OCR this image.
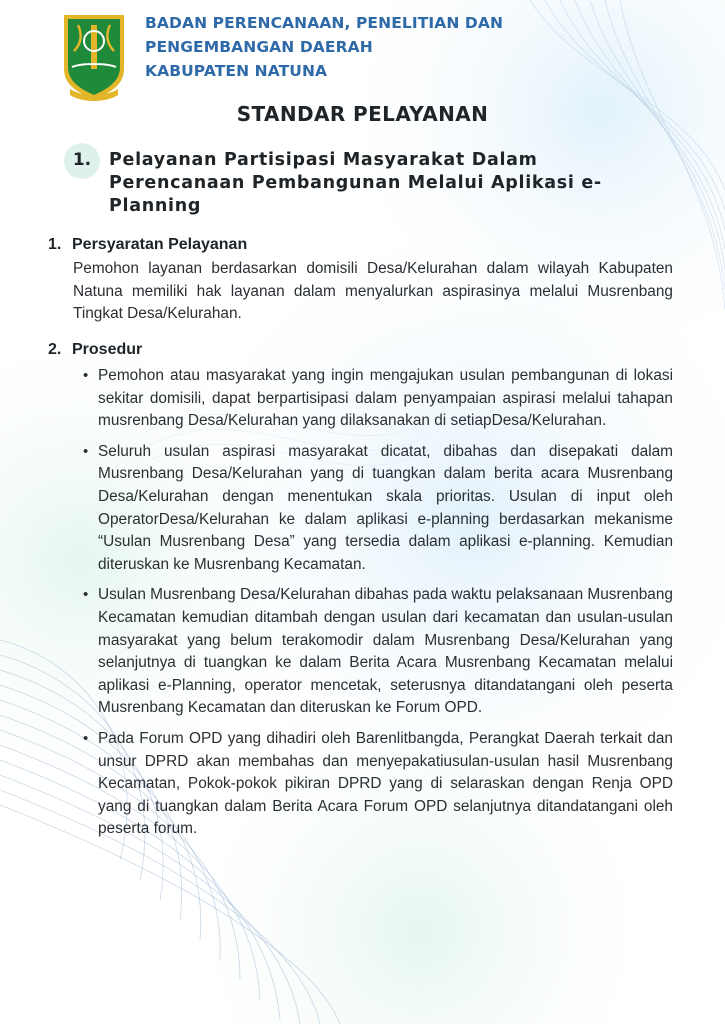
BADAN PERENCANAAN, PENELITIAN DAN
PENGEMBANGAN DAERAH
KABUPATEN NATUNA
STANDAR PELAYANAN
1.	Pelayanan Partisipasi Masyarakat Dalam Perencanaan Pembangunan Melalui Aplikasi e-Planning
1. Persyaratan Pelayanan
Pemohon layanan berdasarkan domisili Desa/Kelurahan dalam wilayah Kabupaten Natuna memiliki hak layanan dalam menyalurkan aspirasinya melalui Musrenbang Tingkat Desa/Kelurahan.
2. Prosedur
• Pemohon atau masyarakat yang ingin mengajukan usulan pembangunan di lokasi sekitar domisili, dapat berpartisipasi dalam penyampaian aspirasi melalui tahapan musrenbang Desa/Kelurahan yang dilaksanakan di setiapDesa/Kelurahan.
• Seluruh usulan aspirasi masyarakat dicatat, dibahas dan disepakati dalam Musrenbang Desa/Kelurahan yang di tuangkan dalam berita acara Musrenbang Desa/Kelurahan dengan menentukan skala prioritas. Usulan di input oleh OperatorDesa/Kelurahan ke dalam aplikasi e-planning berdasarkan mekanisme “Usulan Musrenbang Desa” yang tersedia dalam aplikasi e-planning. Kemudian diteruskan ke Musrenbang Kecamatan.
• Usulan Musrenbang Desa/Kelurahan dibahas pada waktu pelaksanaan Musrenbang Kecamatan kemudian ditambah dengan usulan dari kecamatan dan usulan-usulan masyarakat yang belum terakomodir dalam Musrenbang Desa/Kelurahan yang selanjutnya di tuangkan ke dalam Berita Acara Musrenbang Kecamatan melalui aplikasi e-Planning, operator mencetak, seterusnya ditandatangani oleh peserta Musrenbang Kecamatan dan diteruskan ke Forum OPD.
• Pada Forum OPD yang dihadiri oleh Barenlitbangda, Perangkat Daerah terkait dan unsur DPRD akan membahas dan menyepakatiusulan-usulan hasil Musrenbang Kecamatan, Pokok-pokok pikiran DPRD yang di selaraskan dengan Renja OPD yang di tuangkan dalam Berita Acara Forum OPD selanjutnya ditandatangani oleh peserta forum.
